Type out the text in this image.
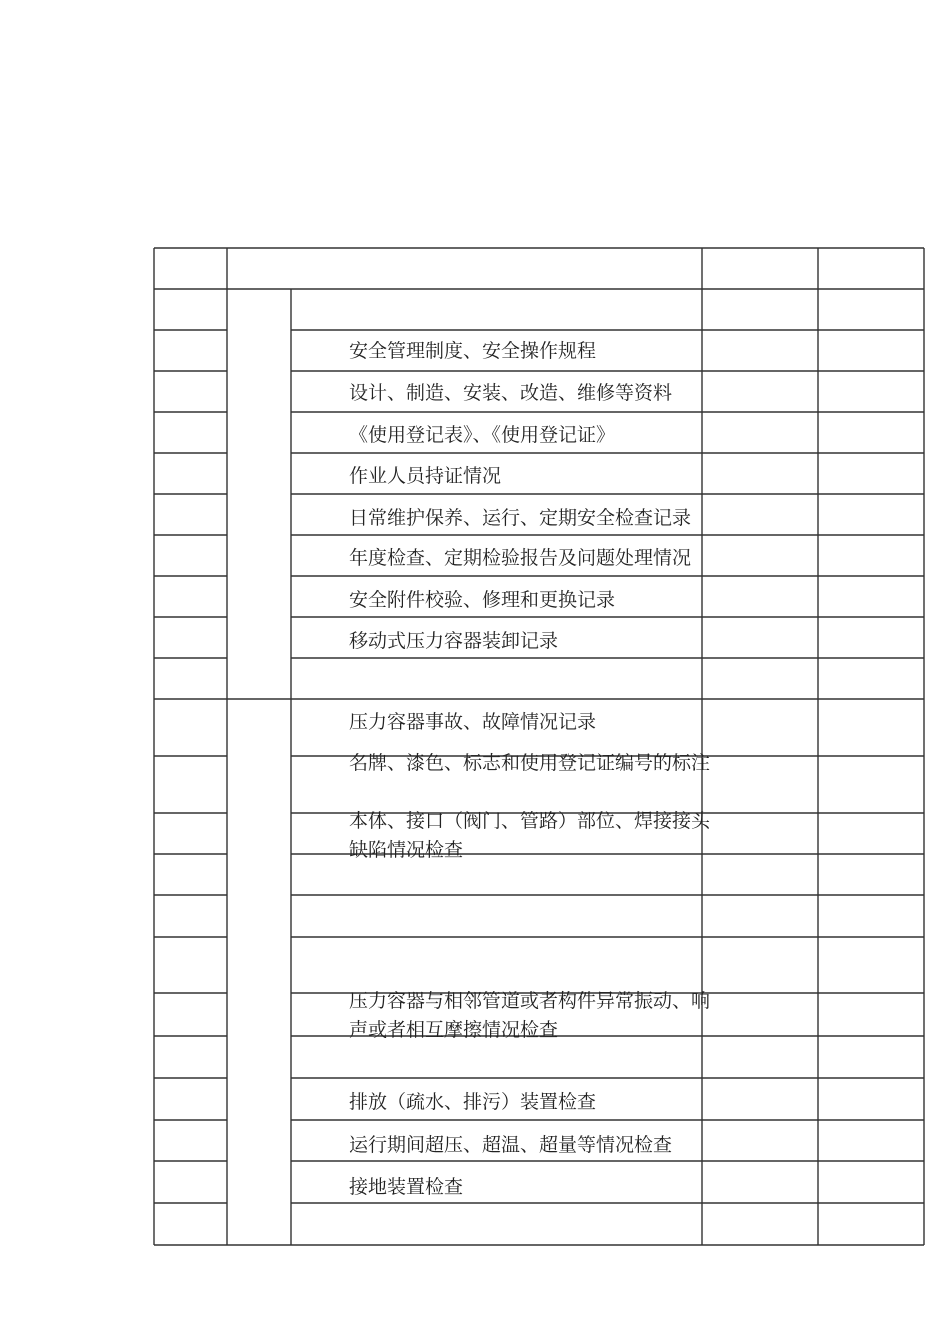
安全管理制度、安全操作规程
设计、制造、安装、改造、维修等资料
《使用登记表》、《使用登记证》
作业人员持证情况
日常维护保养、运行、定期安全检查记录
年度检查、定期检验报告及问题处理情况
安全附件校验、修理和更换记录
移动式压力容器装卸记录
压力容器事故、故障情况记录
名牌、漆色、标志和使用登记证编号的标注
本体、接口（阀门、管路）部位、焊接接头缺陷情况检查
压力容器与相邻管道或者构件异常振动、响声或者相互摩擦情况检查
排放（疏水、排污）装置检查
运行期间超压、超温、超量等情况检查
接地装置检查
